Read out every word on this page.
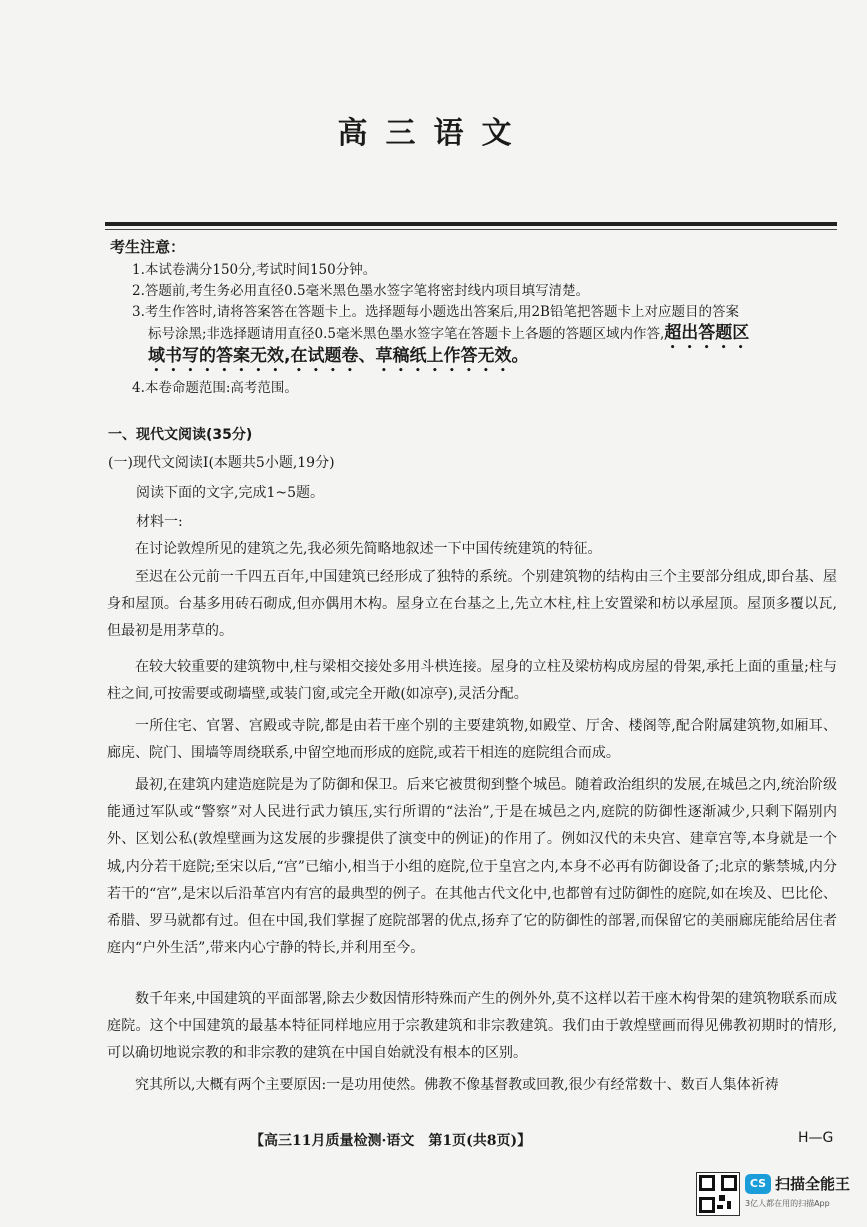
高三语文
考生注意：
1.本试卷满分150分,考试时间150分钟。
2.答题前,考生务必用直径0.5毫米黑色墨水签字笔将密封线内项目填写清楚。
3.考生作答时,请将答案答在答题卡上。选择题每小题选出答案后,用2B铅笔把答题卡上对应题目的答案
标号涂黑;非选择题请用直径0.5毫米黑色墨水签字笔在答题卡上各题的答题区域内作答,超出答题区
域书写的答案无效,在试题卷、草稿纸上作答无效。
4.本卷命题范围:高考范围。
一、现代文阅读(35分)
(一)现代文阅读Ⅰ(本题共5小题,19分)
阅读下面的文字,完成1~5题。
材料一:
在讨论敦煌所见的建筑之先,我必须先简略地叙述一下中国传统建筑的特征。
至迟在公元前一千四五百年,中国建筑已经形成了独特的系统。个别建筑物的结构由三个主要部分组成,即台基、屋身和屋顶。台基多用砖石砌成,但亦偶用木构。屋身立在台基之上,先立木柱,柱上安置梁和枋以承屋顶。屋顶多覆以瓦,但最初是用茅草的。
在较大较重要的建筑物中,柱与梁相交接处多用斗栱连接。屋身的立柱及梁枋构成房屋的骨架,承托上面的重量;柱与柱之间,可按需要或砌墙壁,或装门窗,或完全开敞(如凉亭),灵活分配。
一所住宅、官署、宫殿或寺院,都是由若干座个别的主要建筑物,如殿堂、厅舍、楼阁等,配合附属建筑物,如厢耳、廊庑、院门、围墙等周绕联系,中留空地而形成的庭院,或若干相连的庭院组合而成。
最初,在建筑内建造庭院是为了防御和保卫。后来它被贯彻到整个城邑。随着政治组织的发展,在城邑之内,统治阶级能通过军队或“警察”对人民进行武力镇压,实行所谓的“法治”,于是在城邑之内,庭院的防御性逐渐减少,只剩下隔别内外、区划公私(敦煌壁画为这发展的步骤提供了演变中的例证)的作用了。例如汉代的未央宫、建章宫等,本身就是一个城,内分若干庭院;至宋以后,“宫”已缩小,相当于小组的庭院,位于皇宫之内,本身不必再有防御设备了;北京的紫禁城,内分若干的“宫”,是宋以后沿革宫内有宫的最典型的例子。在其他古代文化中,也都曾有过防御性的庭院,如在埃及、巴比伦、希腊、罗马就都有过。但在中国,我们掌握了庭院部署的优点,扬弃了它的防御性的部署,而保留它的美丽廊庑能给居住者庭内“户外生活”,带来内心宁静的特长,并利用至今。
数千年来,中国建筑的平面部署,除去少数因情形特殊而产生的例外外,莫不这样以若干座木构骨架的建筑物联系而成庭院。这个中国建筑的最基本特征同样地应用于宗教建筑和非宗教建筑。我们由于敦煌壁画而得见佛教初期时的情形,可以确切地说宗教的和非宗教的建筑在中国自始就没有根本的区别。
究其所以,大概有两个主要原因:一是功用使然。佛教不像基督教或回教,很少有经常数十、数百人集体祈祷
【高三11月质量检测·语文　第1页(共8页)】	H—G
CS 扫描全能王
3亿人都在用的扫描App
